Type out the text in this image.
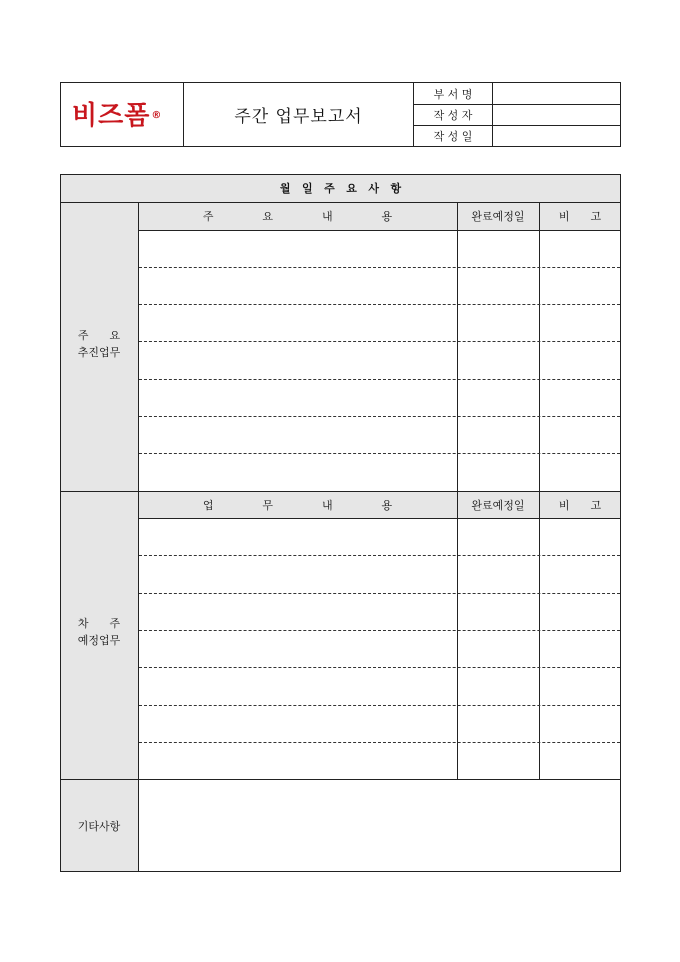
비즈폼®	주간 업무보고서
부 서 명
작 성 자
작 성 일
월   일   주   요   사   항
주              요              내              용	완료예정일	비      고
주      요
추진업무
업              무              내              용	완료예정일	비      고
차      주
예정업무
기타사항
